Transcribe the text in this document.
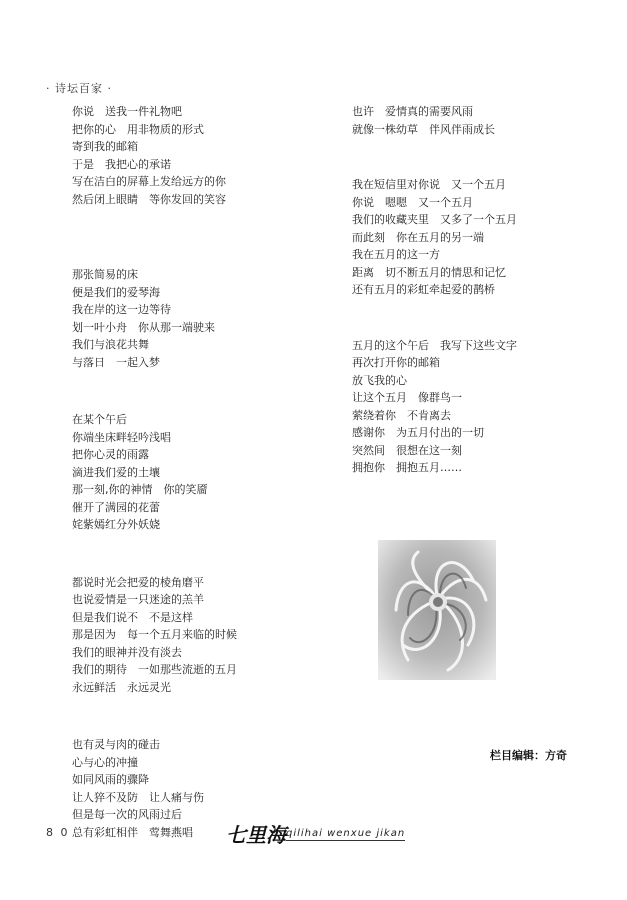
· 诗坛百家 ·
你说　送我一件礼物吧
把你的心　用非物质的形式
寄到我的邮箱
于是　我把心的承诺
写在洁白的屏幕上发给远方的你
然后闭上眼睛　等你发回的笑容
那张简易的床
便是我们的爱琴海
我在岸的这一边等待
划一叶小舟　你从那一端驶来
我们与浪花共舞
与落日　一起入梦
在某个午后
你端坐床畔轻吟浅唱
把你心灵的雨露
滴进我们爱的土壤
那一刻,你的神情　你的笑靥
催开了满园的花蕾
姹紫嫣红分外妖娆
都说时光会把爱的棱角磨平
也说爱情是一只迷途的羔羊
但是我们说不　不是这样
那是因为　每一个五月来临的时候
我们的眼神并没有淡去
我们的期待　一如那些流逝的五月
永远鲜活　永远灵光
也有灵与肉的碰击
心与心的冲撞
如同风雨的骤降
让人猝不及防　让人痛与伤
但是每一次的风雨过后
总有彩虹相伴　莺舞燕唱
也许　爱情真的需要风雨
就像一株幼草　伴风伴雨成长
我在短信里对你说　又一个五月
你说　嗯嗯　又一个五月
我们的收藏夹里　又多了一个五月
而此刻　你在五月的另一端
我在五月的这一方
距离　切不断五月的情思和记忆
还有五月的彩虹牵起爱的鹊桥
五月的这个午后　我写下这些文字
再次打开你的邮箱
放飞我的心
让这个五月　像群鸟一
萦绕着你　不肯离去
感谢你　为五月付出的一切
突然间　很想在这一刻
拥抱你　拥抱五月……
栏目编辑：方奇
8 0	七里海 qilihai wenxue jikan
